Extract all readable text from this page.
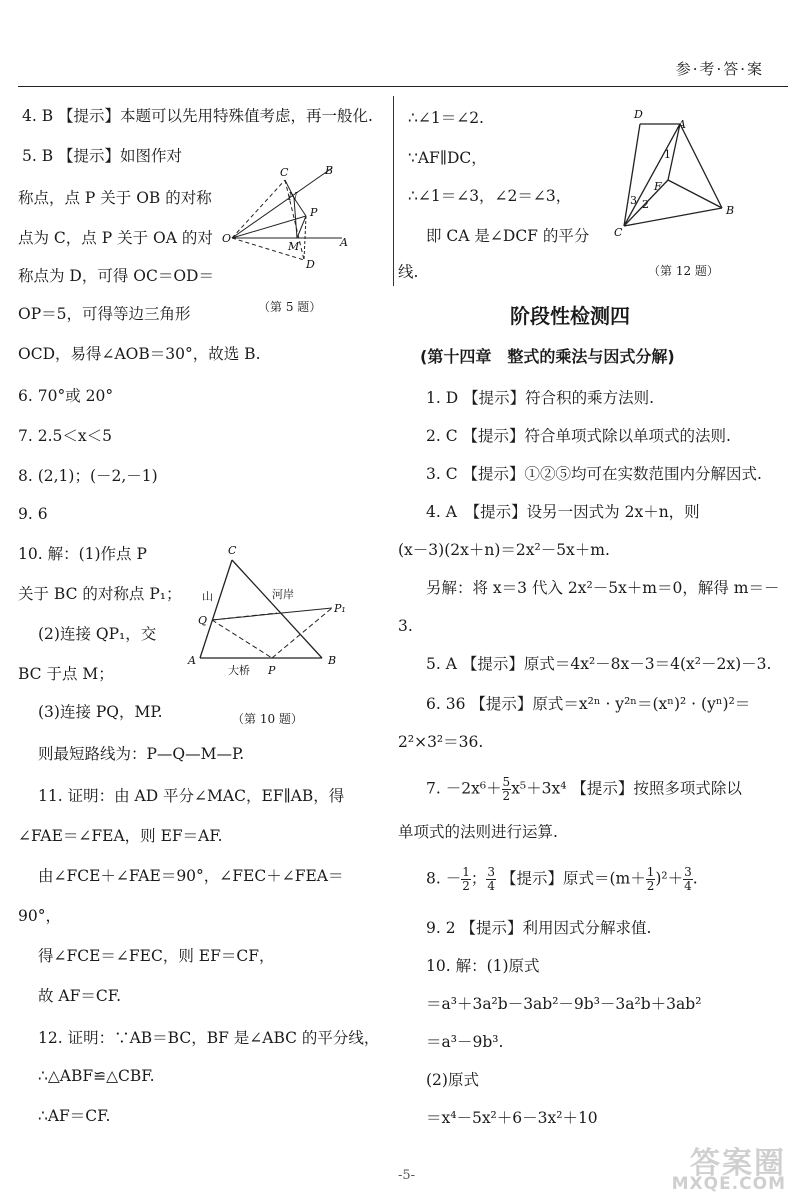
参·考·答·案
4. B 【提示】本题可以先用特殊值考虑，再一般化.
5. B 【提示】如图作对
称点，点 P 关于 OB 的对称
点为 C，点 P 关于 OA 的对
称点为 D，可得 OC＝OD＝
OP＝5，可得等边三角形
OCD，易得∠AOB＝30°，故选 B.
C	B
N
P
O
M	A
D
（第 5 题）
6. 70°或 20°
7. 2.5＜x＜5
8. (2,1)；(－2,－1)
9. 6
10. 解：(1)作点 P
关于 BC 的对称点 P₁；
(2)连接 QP₁，交
BC 于点 M；
(3)连接 PQ，MP.
则最短路线为：P—Q—M—P.
C
山	河岸
Q
P₁
A
大桥 P
B
（第 10 题）
11. 证明：由 AD 平分∠MAC，EF∥AB，得
∠FAE＝∠FEA，则 EF＝AF.
由∠FCE＋∠FAE＝90°，∠FEC＋∠FEA＝
90°，
得∠FCE＝∠FEC，则 EF＝CF，
故 AF＝CF.
12. 证明：∵AB＝BC，BF 是∠ABC 的平分线，
∴△ABF≌△CBF.
∴AF＝CF.
∴∠1＝∠2.
∵AF∥DC，
∴∠1＝∠3，∠2＝∠3，
即 CA 是∠DCF 的平分
线.
D
A
1
2
F
3
B
C
（第 12 题）
阶段性检测四
(第十四章　整式的乘法与因式分解)
1. D 【提示】符合积的乘方法则.
2. C 【提示】符合单项式除以单项式的法则.
3. C 【提示】①②⑤均可在实数范围内分解因式.
4. A　【提示】设另一因式为 2x＋n，则
(x－3)(2x＋n)＝2x²－5x＋m.
另解：将 x＝3 代入 2x²－5x＋m＝0，解得 m＝－
3.
5. A 【提示】原式＝4x²－8x－3＝4(x²－2x)－3.
6. 36 【提示】原式＝x²ⁿ · y²ⁿ＝(xⁿ)² · (yⁿ)²＝
2²×3²＝36.
7. $-2x^6+ \frac{5}{2} x^5+3x^4$ 【提示】按照多项式除以
单项式的法则进行运算.
8. － $\frac{1}{2}$ ； $\frac{3}{4}$ 【提示】原式$=(m+ \frac{1}{2} )^2+ \frac{3}{4}$ .
9. 2 【提示】利用因式分解求值.
10. 解：(1)原式
＝a³＋3a²b－3ab²－9b³－3a²b＋3ab²
＝a³－9b³.
(2)原式
＝x⁴－5x²＋6－3x²＋10
-5-	答案圈
MXQE.COM
